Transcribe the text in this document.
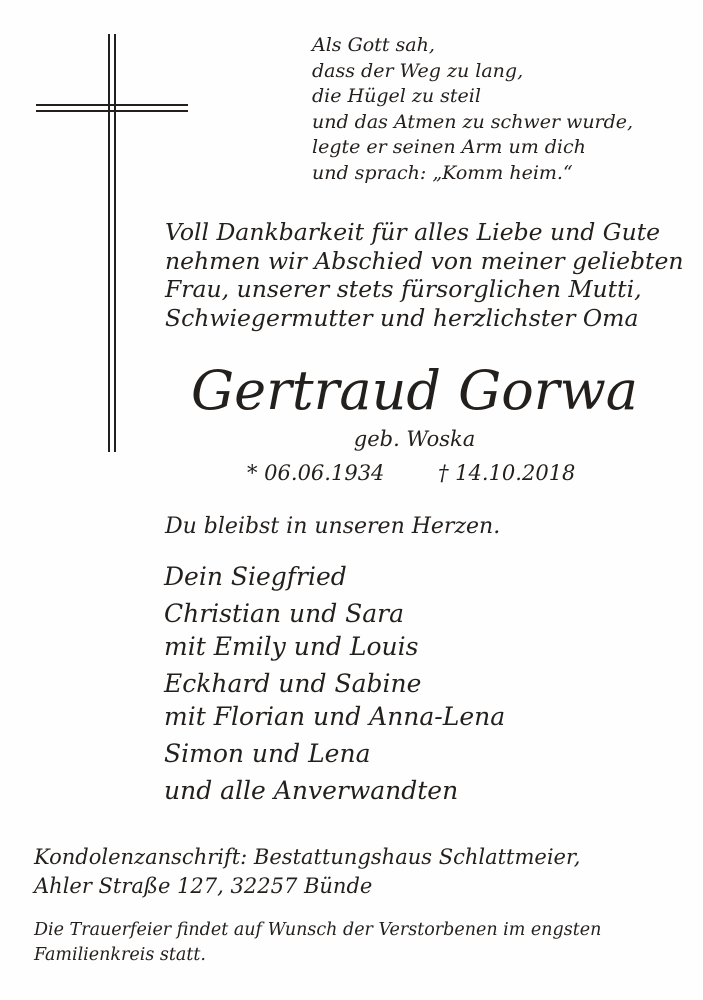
Als Gott sah,
dass der Weg zu lang,
die Hügel zu steil
und das Atmen zu schwer wurde,
legte er seinen Arm um dich
und sprach: „Komm heim.“
Voll Dankbarkeit für alles Liebe und Gute
nehmen wir Abschied von meiner geliebten
Frau, unserer stets fürsorglichen Mutti,
Schwiegermutter und herzlichster Oma
Gertraud Gorwa
geb. Woska
* 06.06.1934	† 14.10.2018
Du bleibst in unseren Herzen.
Dein Siegfried
Christian und Sara
mit Emily und Louis
Eckhard und Sabine
mit Florian und Anna-Lena
Simon und Lena
und alle Anverwandten
Kondolenzanschrift: Bestattungshaus Schlattmeier,
Ahler Straße 127, 32257 Bünde
Die Trauerfeier findet auf Wunsch der Verstorbenen im engsten
Familienkreis statt.
